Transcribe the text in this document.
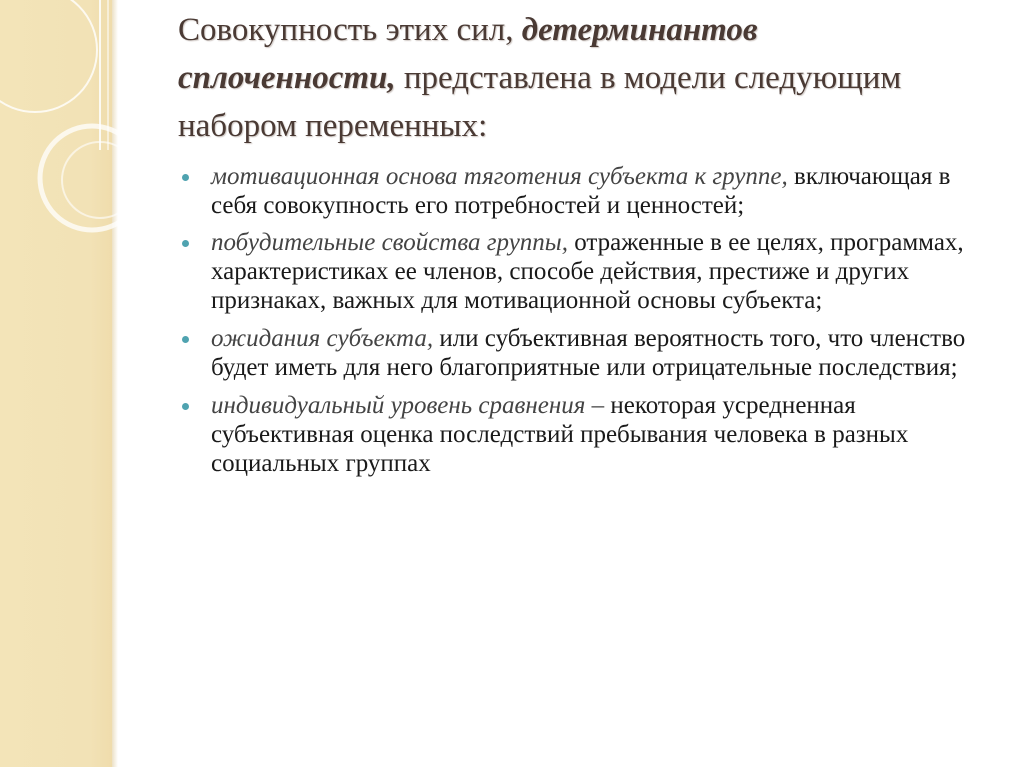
Совокупность этих сил, детерминантов сплоченности, представлена в модели следующим набором переменных:
мотивационная основа тяготения субъекта к группе, включающая в себя совокупность его потребностей и ценностей;
побудительные свойства группы, отраженные в ее целях, программах, характеристиках ее членов, способе действия, престиже и других признаках, важных для мотивационной основы субъекта;
ожидания субъекта, или субъективная вероятность того, что членство будет иметь для него благоприятные или отрицательные последствия;
индивидуальный уровень сравнения – некоторая усредненная субъективная оценка последствий пребывания человека в разных социальных группах
